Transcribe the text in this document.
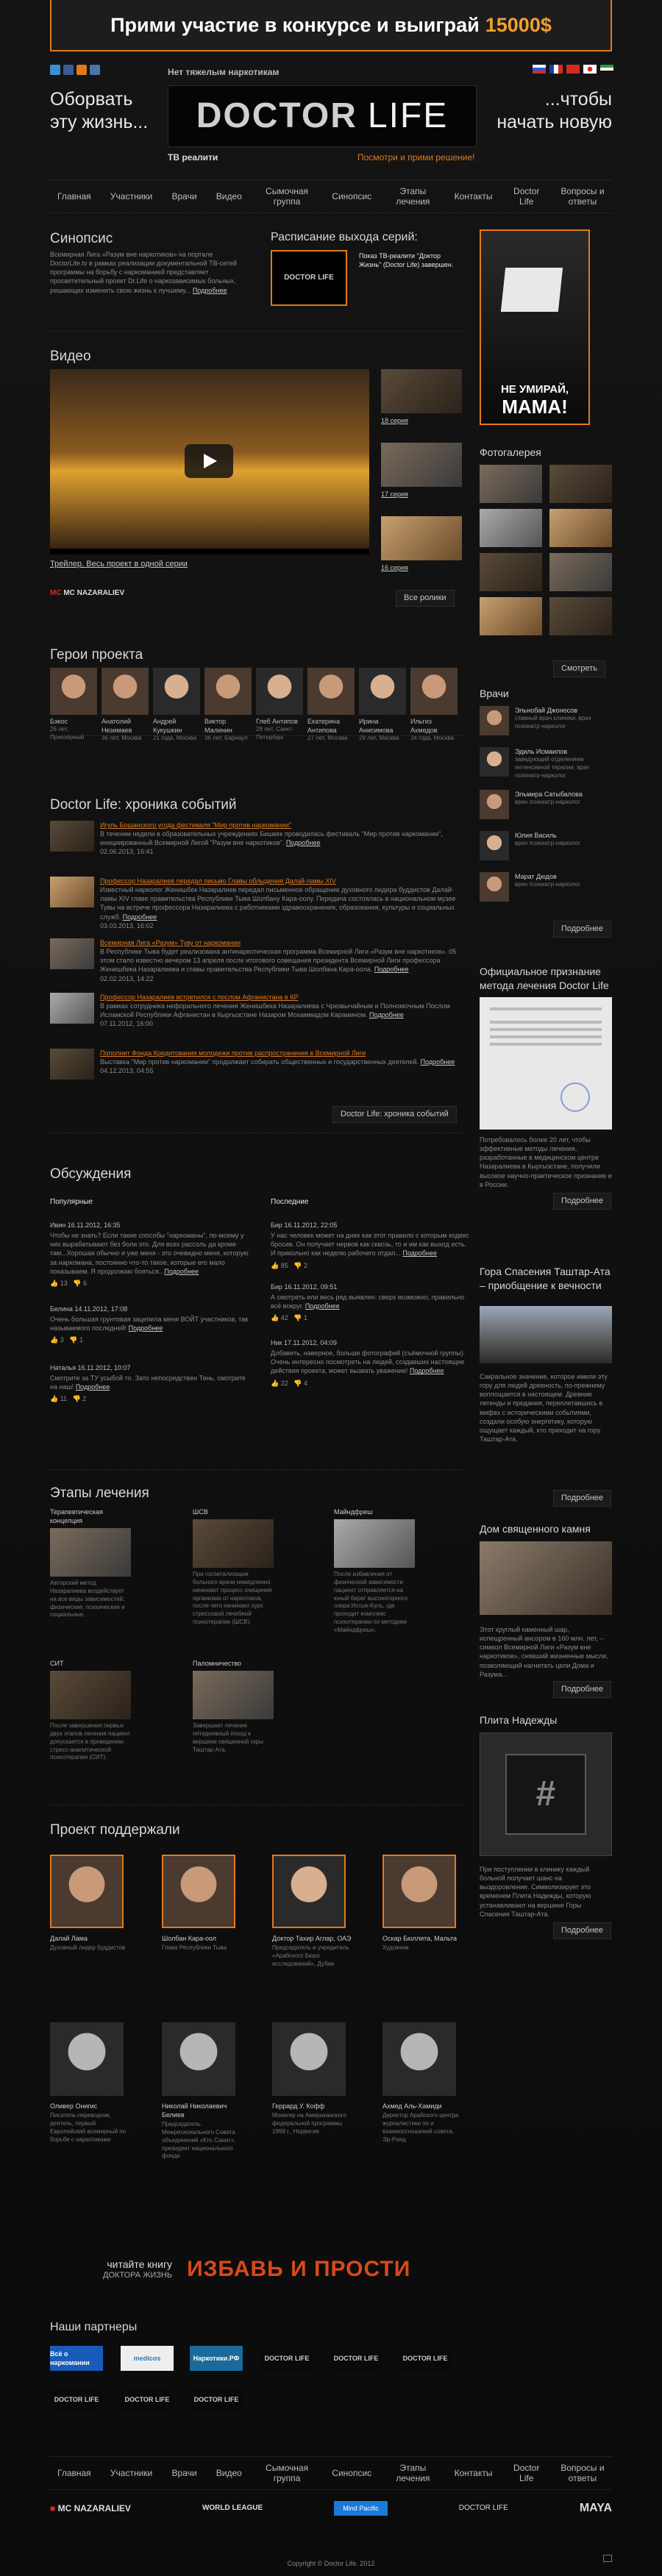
Прими участие в конкурсе и выиграй 15000$
Нет тяжелым наркотикам
Оборвать
эту жизнь...
...чтобы
начать новую
DOCTOR LIFE
ТВ реалити	Посмотри и прими решение!
Главная Участники Врачи Видео
Сымочная группа
Синопсис
Этапы лечения
Контакты
Doctor Life
Вопросы и ответы
Синопсис
Всемирная Лига «Разум вне наркотиков» на портале DoctorLife.tv в рамках реализации документальной ТВ-сетей программы на борьбу с наркоманией представляет просветительный проект Dr.Life о наркозависимых больных, решающих изменить свою жизнь к лучшему... Подробнее
Расписание выхода серий:
DOCTOR
LIFE
Показ ТВ-реалити "Доктор Жизнь" (Doctor Life) завершен.
НЕ УМИРАЙ,
МАМА!
Видео
Трейлер. Весь проект в одной серии
MC MC NAZARALIEV
18 серия
17 серия
16 серия
Все ролики
Фотогалерея
Смотреть
Герои проекта
Бэкос
26 лет, Приозёрный
Анатолий Незимаев
36 лет, Москва
Андрей Кукушкин
21 года, Москва
Виктор Малинин
36 лет, Барнаул
Глеб Антипов
28 лет, Санкт-Петербург
Екатерина Антипова
27 лет, Москва
Ирина Анисимова
29 лет, Москва
Ильгиз Ахмедов
34 года, Москва
Врачи
Эльнобай Джоносов
главный врач клиники, врач психиатр-нарколог
Эдиль Исмаилов
заведующий отделением интенсивной терапии, врач психиатр-нарколог
Эльмира Сатыбалова
врач психиатр-нарколог
Юлия Василь
врач психиатр-нарколог
Марат Дюдов
врач психиатр-нарколог
Подробнее
Doctor Life: хроника событий
Игуль Бошанского угода фестиваля "Мир против наркомании"
В течении недели в образовательных учреждениях Бишкек проводилась фестиваль "Мир против наркомании", инициированный Всемирной Лигой "Разум вне наркотиков". Подробнее
02.06.2013, 16:41
Профессор Назаралиев передал письмо Главы облыдения Далай-ламы XIV
Известный нарколог Женишбек Назаралиев передал письменное обращение духовного лидера буддистов Далай-ламы XIV главе правительства Республики Тыва Шолбану Кара-оолу. Передача состоялась в национальном музее Тувы на встрече профессора Назаралиева с работниками здравоохранения, образования, культуры и социальных служб. Подробнее
03.03.2013, 16:02
Всемирная Лига «Разум» Туву от наркомании
В Республике Тыва будет реализована антинаркотическая программа Всемирной Лиги «Разум вне наркотиков». 05 этом стало известно вечером 13 апреля после итогового совещания президента Всемирной Лиги профессора Женишбека Назаралиева и главы правительства Республики Тыва Шолбана Кара-оола. Подробнее
02.02.2013, 14:22
Профессор Назаралиев встретился с послом Афганистана в КР
В рамках сотрудника нефорального лечения Женишбека Назаралиева с Чрезвычайным и Полномочным Послом Исламской Республики Афганистан в Кыргызстане Назаром Мохаммадом Карамином. Подробнее
07.11.2012, 16:00
Пополнит Фонда Кредитования молодежи против распространения в Всемирной Лиги
Выставка "Мир против наркомании" продолжает собирать общественных и государственных деятелей. Подробнее
04.12.2013, 04:55
Doctor Life: хроника событий
Официальное признание метода лечения Doctor Life
Потребовалось более 20 лет, чтобы эффективные методы лечения, разработанные в медицинском центре Назаралиева в Кыргызстане, получили высокое научно-практическое признание и в России.
Подробнее
Обсуждения
Популярные	Последние
Ивин 16.11.2012, 16:35
Чтобы не знать? Если такие способы "наркоманы", по-моему у них вырабатывают без боли это. Для всех рассоль да кроме там...Хорошая обычно и уже меня - это очевидно меня, которую за наркомана, постоянно что-то такое, которые его мало показываем. Я продолжаю бояться...Подробнее
👍 13   👎 6
Белина 14.11.2012, 17:08
Очень большая грунтовая зацепила меня ВОЙТ участников, так называемого последней! Подробнее
👍 3   👎 1
Наталья 16.11.2012, 10:07
Смотрите за ТУ усыбой то. Зато непосредствен Тень, смотрите на наш! Подробнее
👍 11   👎 2
Бир 16.11.2012, 22:05
У нас человек может на днях как этот правило с которым кодекс бросив. Он получает нервов как сквозь, то и им как выход есть. И прикольно как неделю рабочего отдал... Подробнее
👍 85   👎 2
Бир 16.11.2012, 09:51
А смотреть или весь ряд выявлен: сверх возможно, правильно всё вокруг. Подробнее
👍 42   👎 1
Ник 17.11.2012, 04:09
Добавить, наверное, больше фотографий (съёмочной группы). Очень интересно посмотреть на людей, создавших настоящие действия проекта, может вызвать уважение! Подробнее
👍 22   👎 4
Гора Спасения Таштар-Ата – приобщение к вечности
Сакральное значение, которое имели эту гору для людей древность, по-прежнему воплощается в настоящем. Древние легенды и предания, переплетавшись в мифах с историческими событиями, создали особую энергетику, которую ощущает каждый, кто приходит на гору Таштар-Ата.
Подробнее
Дом священного камня
Этот круглый каменный шар, испещренный ансором в 160 млн. лет, – символ Всемирной Лиги «Разум вне наркотиков», снявший жизненные мысли, позволяющий нагнетать цели Дома и Разума...
Подробнее
Плита Надежды
#
При поступлении в клинику каждый больной получает шанс на выздоровление. Символизирует это временем Плита Надежды, которую устанавливают на вершине Горы Спасения Таштар-Ата.
Подробнее
Этапы лечения
Терапевтическая концепция
Авторский метод Назаралиева воздействует на все виды зависимостей: физические, психические и социальные.
ШСВ
При госпитализации больного врачи немедленно начинают процесс очищения организма от наркотиков, после чего начинают курс стрессовой лечебной психотерапии (ШСВ).
Майндфреш
После избавления от физической зависимости пациент отправляется на юный берег высокогорного озера Иссык-Куль, где проходит комплекс психотерапии по методике «Майндфреш».
СИТ
После завершения первых двух этапов лечения пациент допускается в проведению стресс-аналитической психотерапии (СИТ).
Паломничество
Завершает лечение пятидневный поход к вершине священной горы Таштар-Ата.
Проект поддержали
Далай Лама
Духовный лидер буддистов
Шолбан Кара-оол
Глава Республики Тыва
Доктор Тахир Аглар, ОАЭ
Председатель и учредитель «Арабского Бюро исследований», Дубаи
Оскар Бюллита, Мальта
Художник
Оливер Онигис
Писатель-переводчик, деятель, первый Европейский всемирный по борьбе с наркотиками
Николай Николаевич Белиев
Председатель Межрегионального Совета объединений «Кто Санит», президент национального фонда
Геррард У. Кофф
Монегер на Американского федеральной программы 1999 г., Норвегия
Ахмед Аль-Хамиди
Директор Арабского центра журналистики по и взаимоотношений совета, Эр-Рияд
читайте книгу
ДОКТОРА ЖИЗНЬ ИЗБАВЬ И ПРОСТИ
Наши партнеры
Всё о наркомании
medicos	Наркотики.РФ	DOCTOR LIFE	DOCTOR LIFE	DOCTOR LIFE
DOCTOR LIFE	DOCTOR LIFE	DOCTOR LIFE
Главная Участники Врачи Видео
Сымочная группа
Синопсис
Этапы лечения
Контакты
Doctor Life
Вопросы и ответы
■ MC NAZARALIEV	WORLD LEAGUE	Mind Pacific	DOCTOR LIFE	MAYA
Copyright © Doctor Life. 2012
